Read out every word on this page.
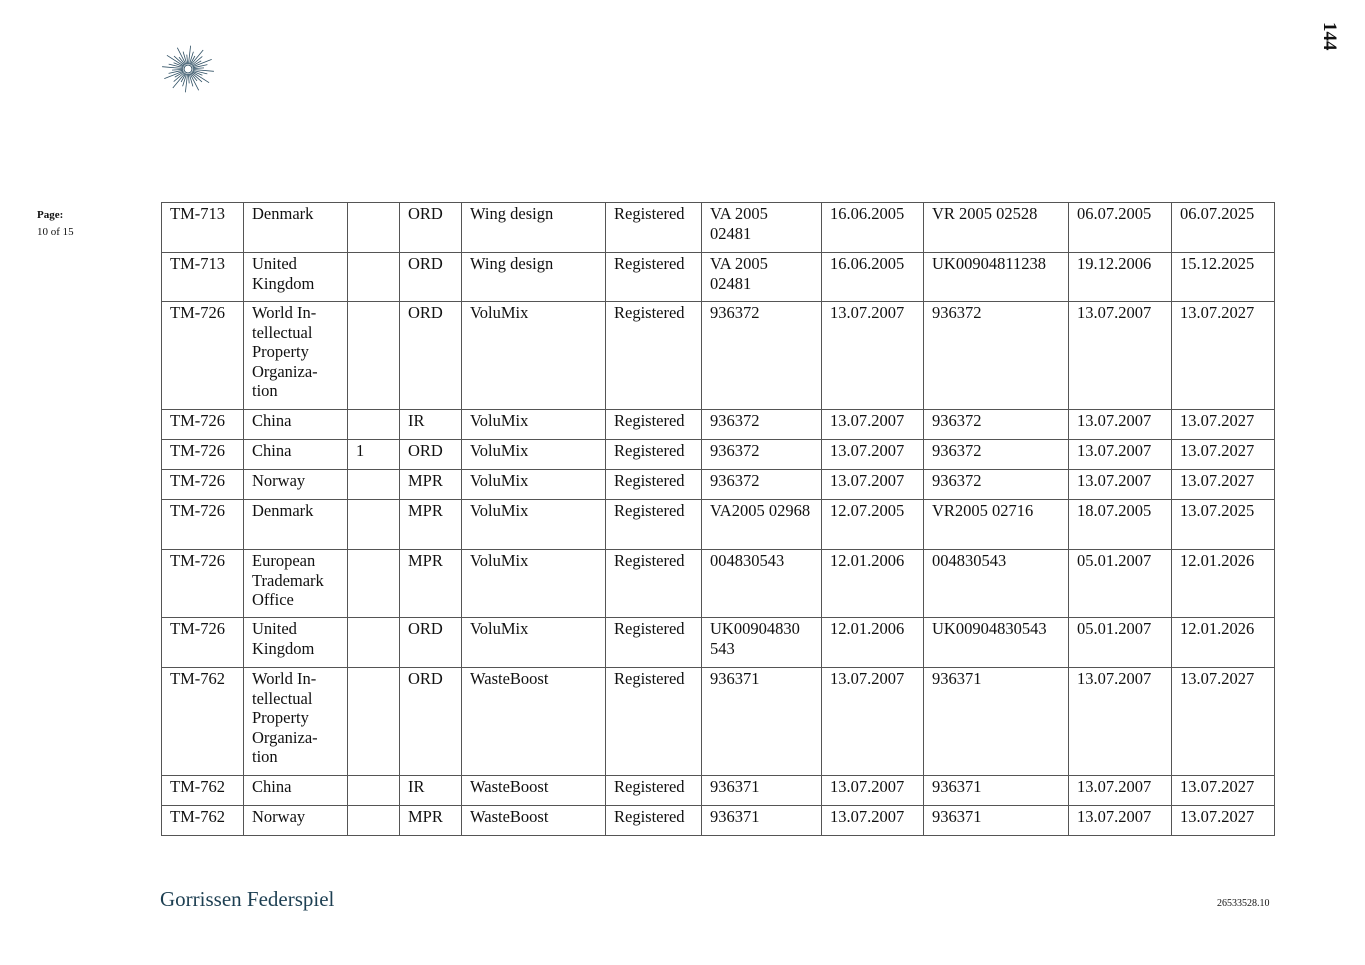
144
Page:
10 of 15
TM-713	Denmark		ORD	Wing design	Registered	VA 2005 02481	16.06.2005	VR 2005 02528	06.07.2005	06.07.2025
TM-713	United Kingdom		ORD	Wing design	Registered	VA 2005 02481	16.06.2005	UK00904811238	19.12.2006	15.12.2025
TM-726	World In-tellectual Property Organiza-tion		ORD	VoluMix	Registered	936372	13.07.2007	936372	13.07.2007	13.07.2027
TM-726	China		IR	VoluMix	Registered	936372	13.07.2007	936372	13.07.2007	13.07.2027
TM-726	China	1	ORD	VoluMix	Registered	936372	13.07.2007	936372	13.07.2007	13.07.2027
TM-726	Norway		MPR	VoluMix	Registered	936372	13.07.2007	936372	13.07.2007	13.07.2027
TM-726	Denmark		MPR	VoluMix	Registered	VA2005 02968	12.07.2005	VR2005 02716	18.07.2005	13.07.2025
TM-726	European Trademark Office		MPR	VoluMix	Registered	004830543	12.01.2006	004830543	05.01.2007	12.01.2026
TM-726	United Kingdom		ORD	VoluMix	Registered	UK00904830 543	12.01.2006	UK00904830543	05.01.2007	12.01.2026
TM-762	World In-tellectual Property Organiza-tion		ORD	WasteBoost	Registered	936371	13.07.2007	936371	13.07.2007	13.07.2027
TM-762	China		IR	WasteBoost	Registered	936371	13.07.2007	936371	13.07.2007	13.07.2027
TM-762	Norway		MPR	WasteBoost	Registered	936371	13.07.2007	936371	13.07.2007	13.07.2027
Gorrissen Federspiel	26533528.10
